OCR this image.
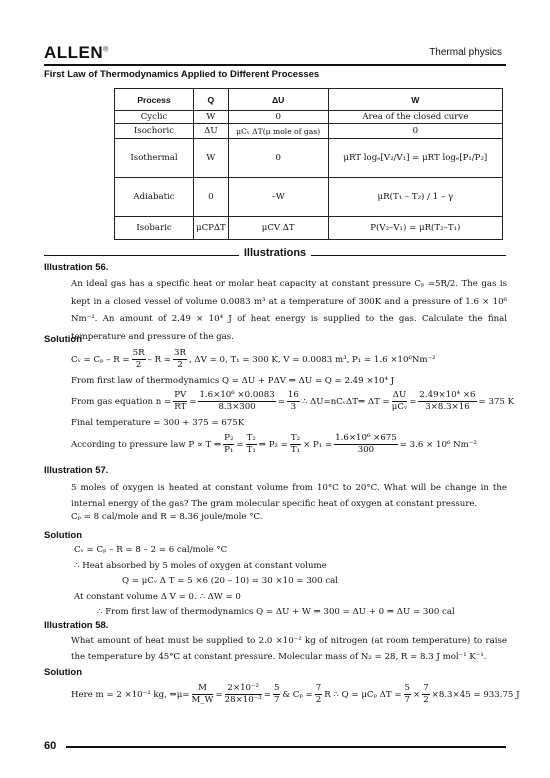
ALLEN®	Thermal physics
First Law of Thermodynamics Applied to Different Processes
Process	Q	ΔU	W
Cyclic	W	0	Area of the closed curve
Isochoric	ΔU	μCᵥ ΔT(μ mole of gas)	0
Isothermal	W	0	μRT logₑ[V₂/V₁] = μRT logₑ[P₁/P₂]
Adiabatic	0	–W	μR(T₁ – T₂) / 1 – γ
Isobaric	μCP∆T	μCV ∆T	P(V₂–V₁) = μR(T₂–T₁)
Illustrations
Illustration 56.
An ideal gas has a specific heat or molar heat capacity at constant pressure Cₚ =5R/2. The gas is kept in a closed vessel of volume 0.0083 m³ at a temperature of 300K and a pressure of 1.6 × 10⁶ Nm⁻². An amount of 2.49 × 10⁴ J of heat energy is supplied to the gas. Calculate the final temperature and pressure of the gas.
Solution
Cᵥ = $C_p - R = \frac{5R}{2} - R = \frac{3R}{2}$ , ΔV = 0, T₁ = 300 K, V = 0.0083 m³, P₁ = 1.6 ×10⁶Nm⁻²
From first law of thermodynamics Q = ΔU + PΔV ⇒ ΔU = Q = 2.49 ×10⁴ J
From gas equation $n = \frac{PV}{RT} = \frac{\text{1.6×10⁶ ×0.0083}}{8.3\times 300} = \frac{16}{3}$ ∴ ΔU=nCᵥΔT⇒ $\Delta T = \frac{\Delta U}{\text{μCᵥ}} = \frac{\text{2.49×10⁴ ×6}}{3\times 8.3\times 16} = 375$ K
Final temperature = 300 + 375 = 675K
According to pressure law P ∝ T ⇒ $\frac{\text{P₂}}{\text{P₁}} = \frac{\text{T₂}}{\text{T₁}}$ ⇒ $P_2 = \frac{\text{T₂}}{\text{T₁}} \times P_1 = \frac{\text{1.6×10⁶ ×675}}{300} = 3.6 \times 10^6$ Nm⁻²
Illustration 57.
5 moles of oxygen is heated at constant volume from 10°C to 20°C. What will be change in the internal energy of the gas? The gram molecular specific heat of oxygen at constant pressure.
Cₚ = 8 cal/mole and R = 8.36 joule/mole °C.
Solution
Cᵥ = Cₚ – R = 8 – 2 = 6 cal/mole °C
∴ Heat absorbed by 5 moles of oxygen at constant volume
Q = μCᵥ Δ T = 5 ×6 (20 – 10) = 30 ×10 = 300 cal
At constant volume Δ V = 0. ∴ ΔW = 0
∴ From first law of thermodynamics Q = ΔU + W ⇒ 300 = ΔU + 0 ⇒ ΔU = 300 cal
Illustration 58.
What amount of heat must be supplied to 2.0 ×10⁻² kg of nitrogen (at room temperature) to raise the temperature by 45°C at constant pressure. Molecular mass of N₂ = 28, R = 8.3 J mol⁻¹ K⁻¹.
Solution
Here m = 2 ×10⁻² kg, ⇒μ= $\frac{M}{M\_W} = \frac{\text{2×10⁻²}}{\text{28×10⁻³}} = \frac{5}{7}$ & $C_p = \frac{7}{2}$ R ∴ Q = μCₚ $\Delta T = \frac{5}{7} \times \frac{7}{2} \times 8.3\times 45 = 933.75$ J
60
